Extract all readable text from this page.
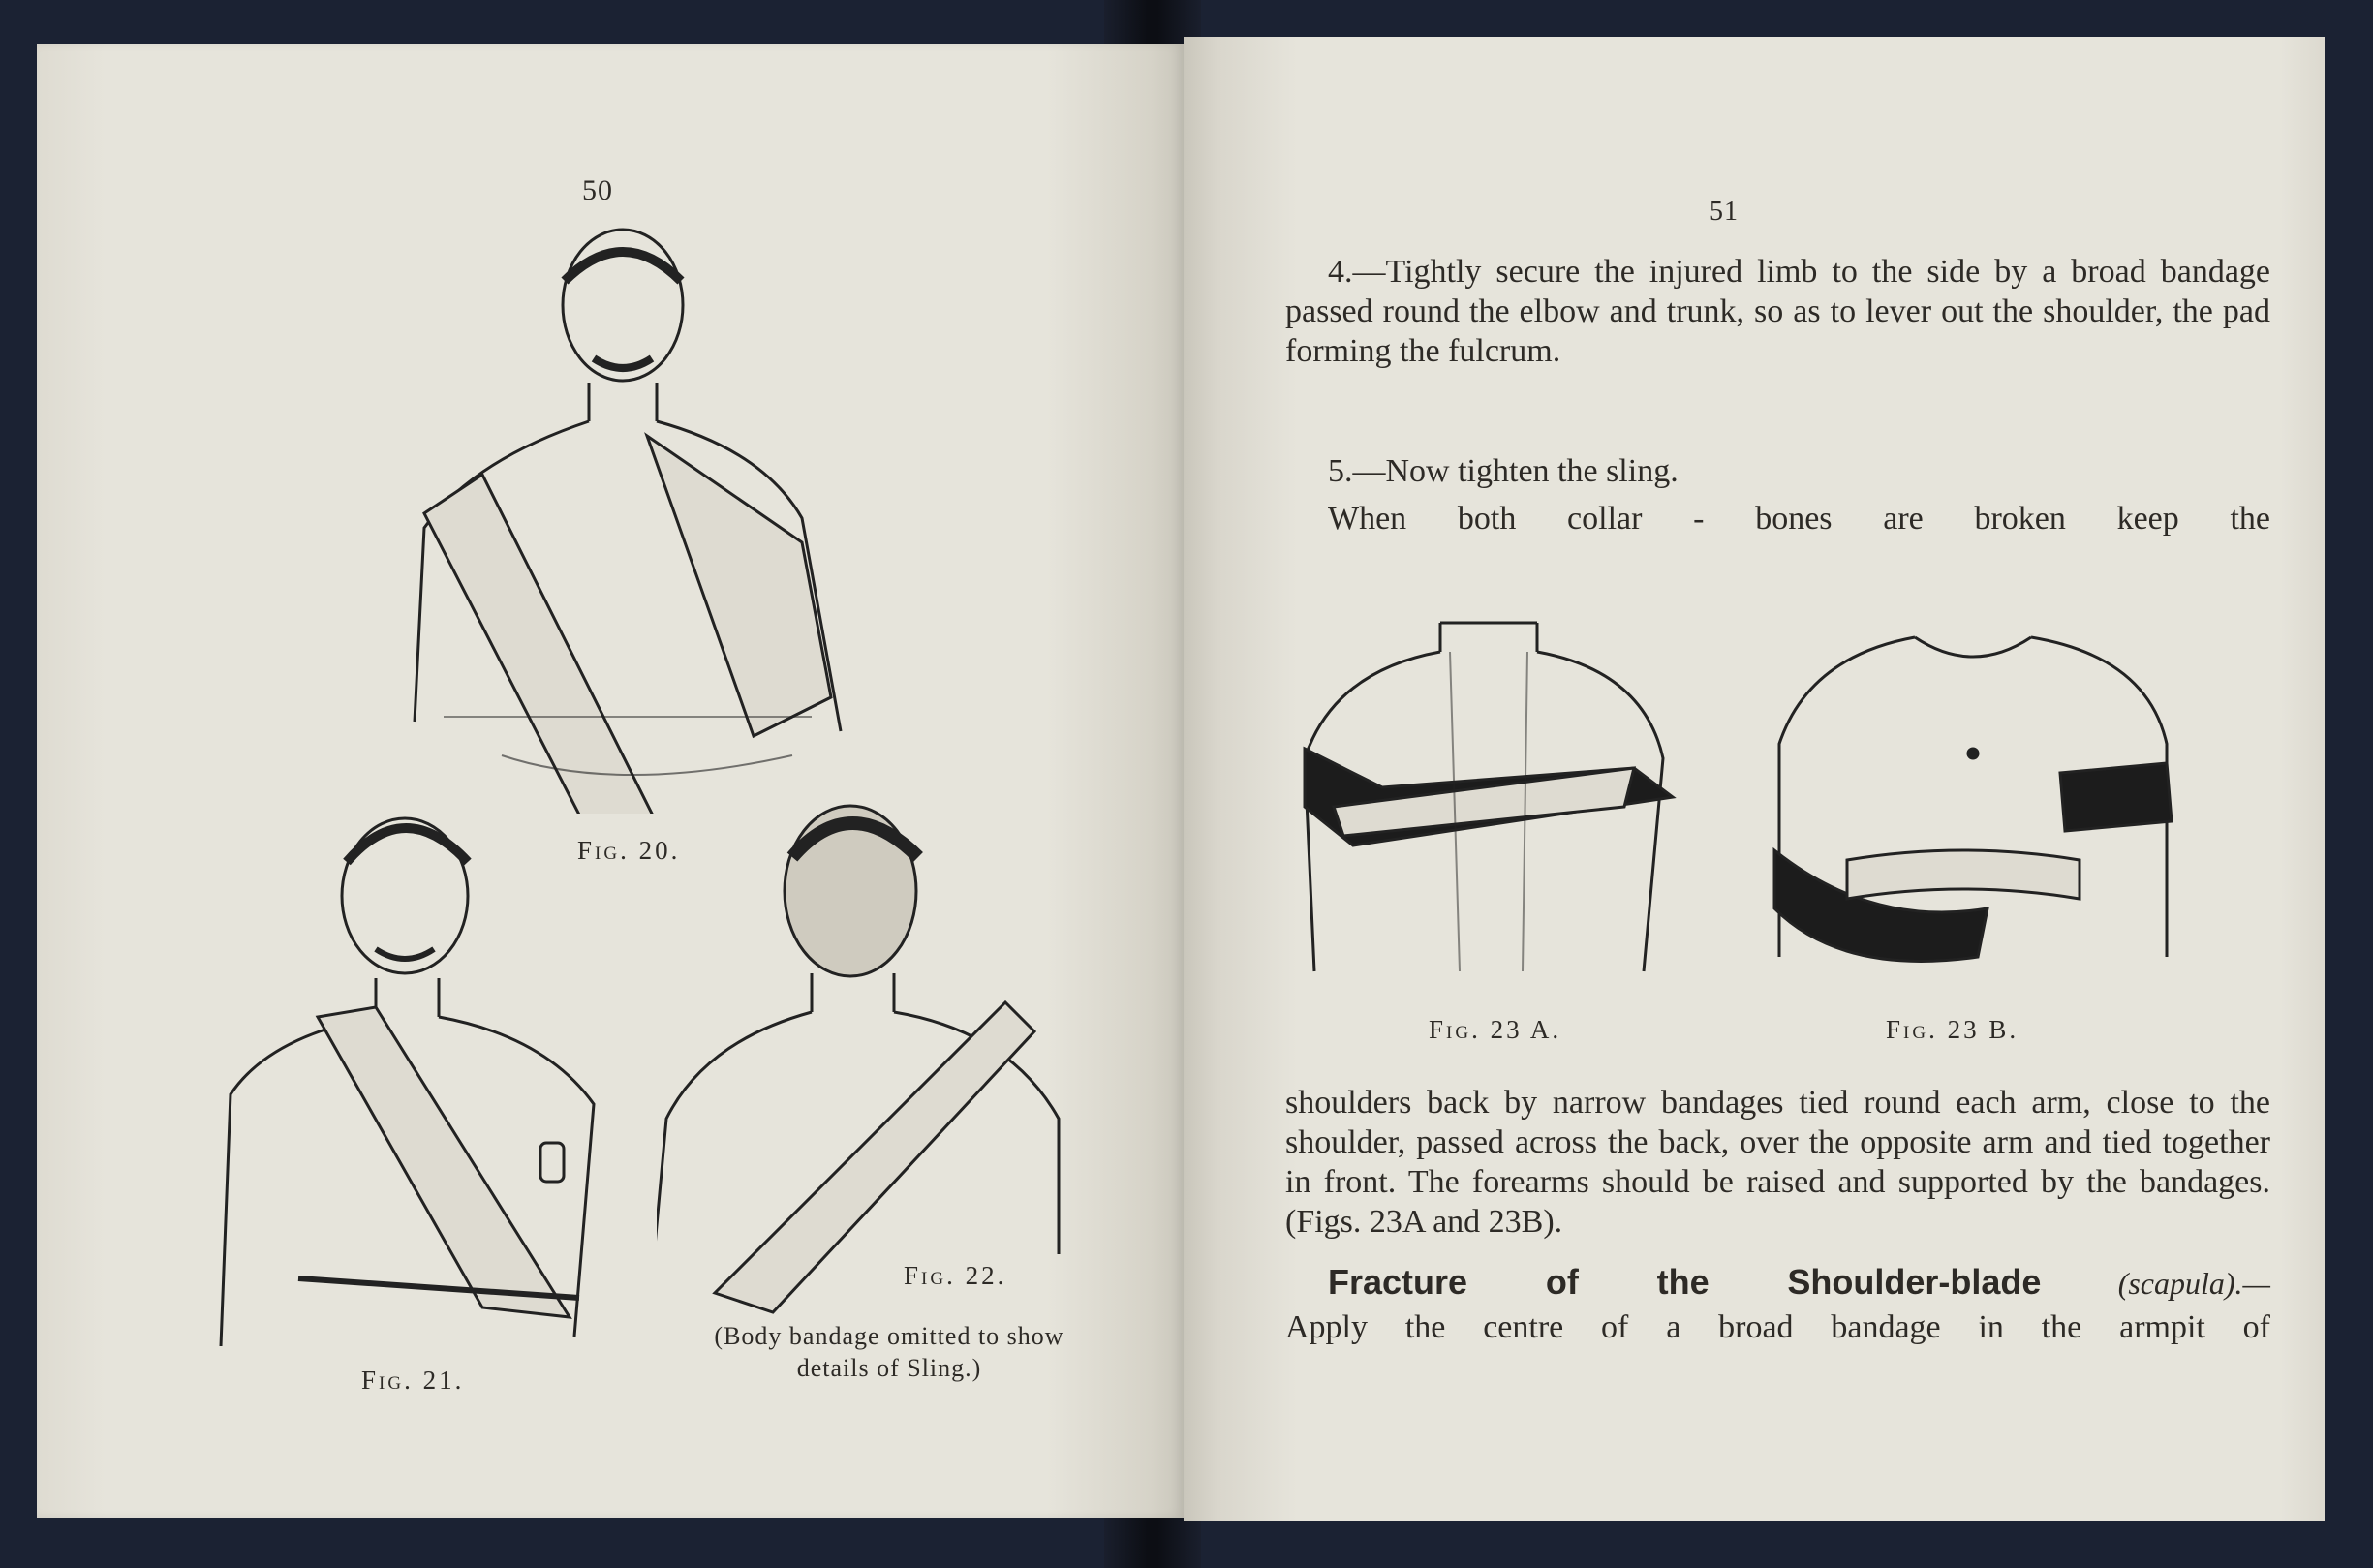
50
Fig. 20.
Fig. 21.
Fig. 22.
(Body bandage omitted to show details of Sling.)
51

4.—Tightly secure the injured limb to the side by a broad bandage passed round the elbow and trunk, so as to lever out the shoulder, the pad forming the fulcrum.

5.—Now tighten the sling.

When both collar - bones are broken keep the

Fig. 23 A.	Fig. 23 B.

shoulders back by narrow bandages tied round each arm, close to the shoulder, passed across the back, over the opposite arm and tied together in front. The forearms should be raised and supported by the bandages. (Figs. 23A and 23B).

Fracture of the Shoulder-blade (scapula).—

Apply the centre of a broad bandage in the armpit of
